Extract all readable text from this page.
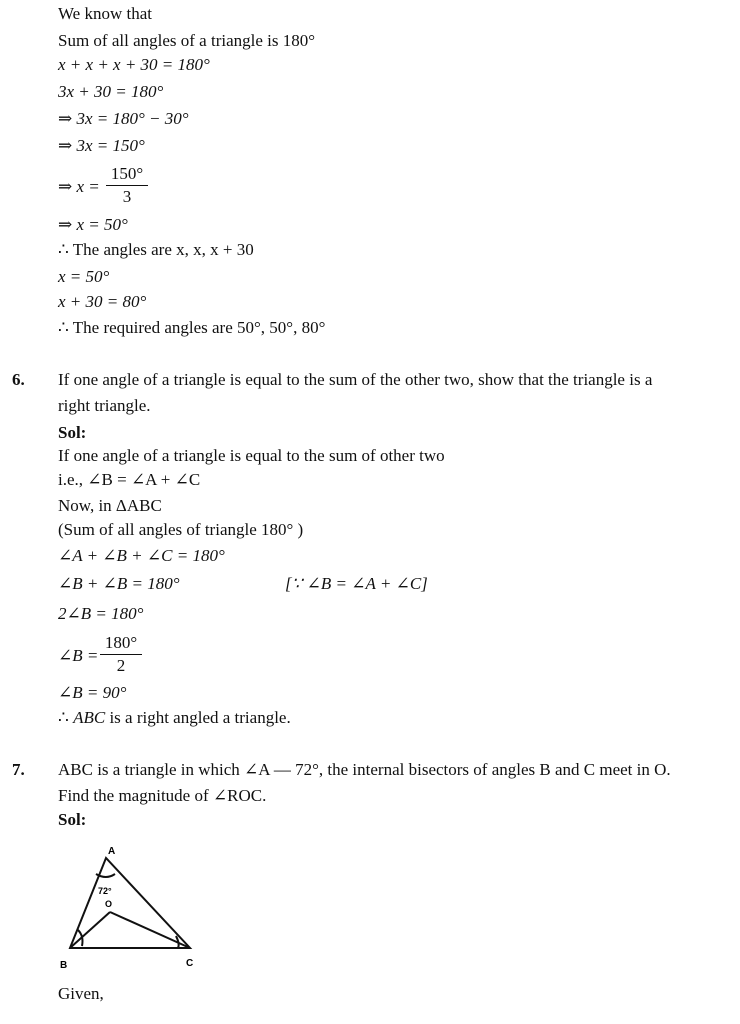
We know that
Sum of all angles of a triangle is 180°
x + x + x + 30 = 180°
3x + 30 = 180°
⇒ 3x = 180° − 30°
⇒ 3x = 150°
⇒ x =
150°
3
⇒ x = 50°
∴ The angles are x, x, x + 30
x = 50°
x + 30 = 80°
∴ The required angles are 50°, 50°, 80°
6. If one angle of a triangle is equal to the sum of the other two, show that the triangle is a
right triangle.
Sol:
If one angle of a triangle is equal to the sum of other two
i.e., ∠B = ∠A + ∠C
Now, in ΔABC
(Sum of all angles of triangle 180° )
∠A + ∠B + ∠C = 180°
∠B + ∠B = 180°	[∵ ∠B = ∠A + ∠C]
2∠B = 180°
∠B =
180°
2
∠B = 90°
∴ ABC is a right angled a triangle.
7. ABC is a triangle in which ∠A — 72°, the internal bisectors of angles B and C meet in O.
Find the magnitude of ∠ROC.
Sol:
A
B	C
72°
O
Given,
